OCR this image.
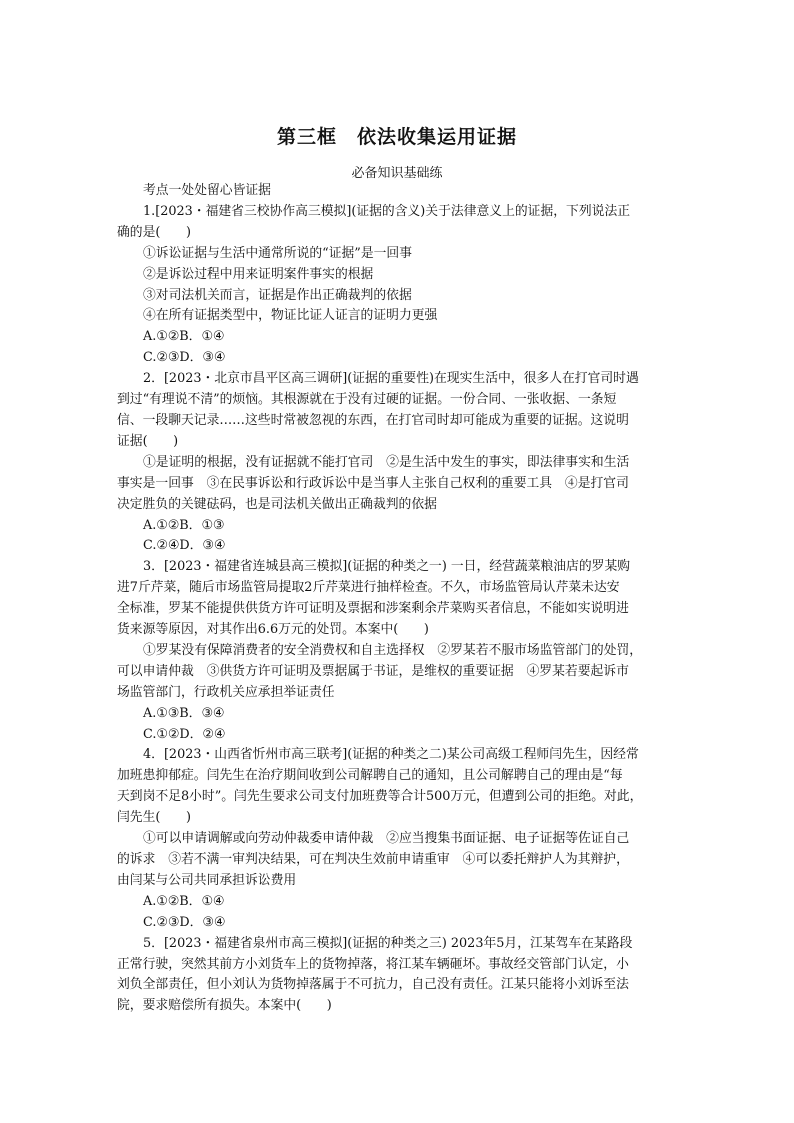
第三框　依法收集运用证据
必备知识基础练
考点一处处留心皆证据
1.[2023・福建省三校协作高三模拟](证据的含义)关于法律意义上的证据，下列说法正
确的是(　　)
①诉讼证据与生活中通常所说的“证据”是一回事
②是诉讼过程中用来证明案件事实的根据
③对司法机关而言，证据是作出正确裁判的依据
④在所有证据类型中，物证比证人证言的证明力更强
A.①②B．①④
C.②③D．③④
2．[2023・北京市昌平区高三调研](证据的重要性)在现实生活中，很多人在打官司时遇
到过“有理说不清”的烦恼。其根源就在于没有过硬的证据。一份合同、一张收据、一条短
信、一段聊天记录……这些时常被忽视的东西，在打官司时却可能成为重要的证据。这说明
证据(　　)
①是证明的根据，没有证据就不能打官司　②是生活中发生的事实，即法律事实和生活
事实是一回事　③在民事诉讼和行政诉讼中是当事人主张自己权利的重要工具　④是打官司
决定胜负的关键砝码，也是司法机关做出正确裁判的依据
A.①②B．①③
C.②④D．③④
3．[2023・福建省连城县高三模拟](证据的种类之一) 一日，经营蔬菜粮油店的罗某购
进7斤芹菜，随后市场监管局提取2斤芹菜进行抽样检查。不久，市场监管局认芹菜未达安
全标准，罗某不能提供供货方许可证明及票据和涉案剩余芹菜购买者信息，不能如实说明进
货来源等原因，对其作出6.6万元的处罚。本案中(　　)
①罗某没有保障消费者的安全消费权和自主选择权　②罗某若不服市场监管部门的处罚，
可以申请仲裁　③供货方许可证明及票据属于书证，是维权的重要证据　④罗某若要起诉市
场监管部门，行政机关应承担举证责任
A.①③B．③④
C.①②D．②④
4．[2023・山西省忻州市高三联考](证据的种类之二)某公司高级工程师闫先生，因经常
加班患抑郁症。闫先生在治疗期间收到公司解聘自己的通知，且公司解聘自己的理由是“每
天到岗不足8小时”。闫先生要求公司支付加班费等合计500万元，但遭到公司的拒绝。对此，
闫先生(　　)
①可以申请调解或向劳动仲裁委申请仲裁　②应当搜集书面证据、电子证据等佐证自己
的诉求　③若不满一审判决结果，可在判决生效前申请重审　④可以委托辩护人为其辩护，
由闫某与公司共同承担诉讼费用
A.①②B．①④
C.②③D．③④
5．[2023・福建省泉州市高三模拟](证据的种类之三) 2023年5月，江某驾车在某路段
正常行驶，突然其前方小刘货车上的货物掉落，将江某车辆砸坏。事故经交管部门认定，小
刘负全部责任，但小刘认为货物掉落属于不可抗力，自己没有责任。江某只能将小刘诉至法
院，要求赔偿所有损失。本案中(　　)
